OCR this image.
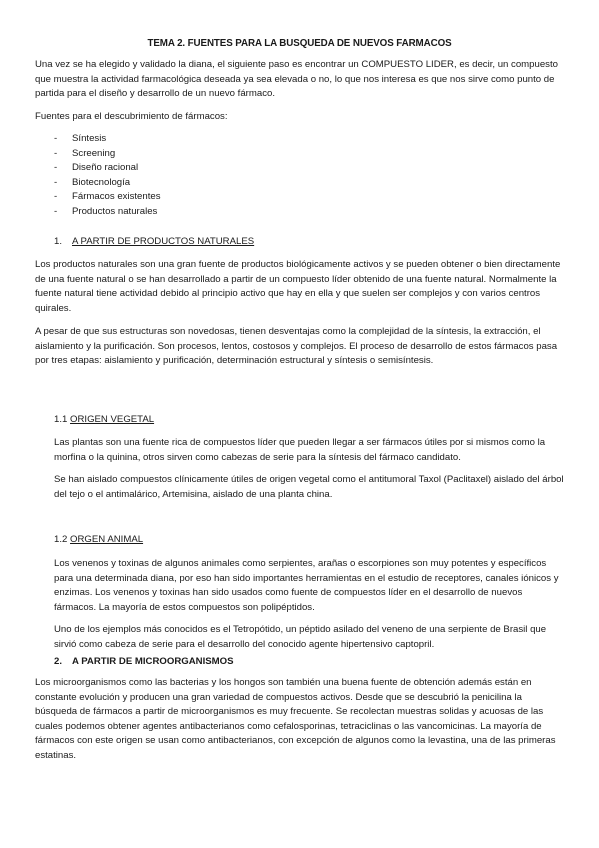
TEMA 2. FUENTES PARA LA BUSQUEDA DE NUEVOS FARMACOS

Una vez se ha elegido y validado la diana, el siguiente paso es encontrar un COMPUESTO LIDER, es decir, un compuesto que muestra la actividad farmacológica deseada ya sea elevada o no, lo que nos interesa es que nos sirve como punto de partida para el diseño y desarrollo de un nuevo fármaco.

Fuentes para el descubrimiento de fármacos:

- Síntesis
- Screening
- Diseño racional
- Biotecnología
- Fármacos existentes
- Productos naturales
1. A PARTIR DE PRODUCTOS NATURALES

Los productos naturales son una gran fuente de productos biológicamente activos y se pueden obtener o bien directamente de una fuente natural o se han desarrollado a partir de un compuesto líder obtenido de una fuente natural. Normalmente la fuente natural tiene actividad debido al principio activo que hay en ella y que suelen ser complejos y con varios centros quirales.

A pesar de que sus estructuras son novedosas, tienen desventajas como la complejidad de la síntesis, la extracción, el aislamiento y la purificación. Son procesos, lentos, costosos y complejos. El proceso de desarrollo de estos fármacos pasa por tres etapas: aislamiento y purificación, determinación estructural y síntesis o semisíntesis.

1.1 ORIGEN VEGETAL

Las plantas son una fuente rica de compuestos líder que pueden llegar a ser fármacos útiles por si mismos como la morfina o la quinina, otros sirven como cabezas de serie para la síntesis del fármaco candidato.

Se han aislado compuestos clínicamente útiles de origen vegetal como el antitumoral Taxol (Paclitaxel) aislado del árbol del tejo o el antimalárico, Artemisina, aislado de una planta china.

1.2 ORGEN ANIMAL

Los venenos y toxinas de algunos animales como serpientes, arañas o escorpiones son muy potentes y específicos para una determinada diana, por eso han sido importantes herramientas en el estudio de receptores, canales iónicos y enzimas. Los venenos y toxinas han sido usados como fuente de compuestos líder en el desarrollo de nuevos fármacos. La mayoría de estos compuestos son polipéptidos.

Uno de los ejemplos más conocidos es el Tetropótido, un péptido asilado del veneno de una serpiente de Brasil que sirvió como cabeza de serie para el desarrollo del conocido agente hipertensivo captopril.

2. A PARTIR DE MICROORGANISMOS

Los microorganismos como las bacterias y los hongos son también una buena fuente de obtención además están en constante evolución y producen una gran variedad de compuestos activos. Desde que se descubrió la penicilina la búsqueda de fármacos a partir de microorganismos es muy frecuente. Se recolectan muestras solidas y acuosas de las cuales podemos obtener agentes antibacterianos como cefalosporinas, tetraciclinas o las vancomicinas. La mayoría de fármacos con este origen se usan como antibacterianos, con excepción de algunos como la levastina, una de las primeras estatinas.
